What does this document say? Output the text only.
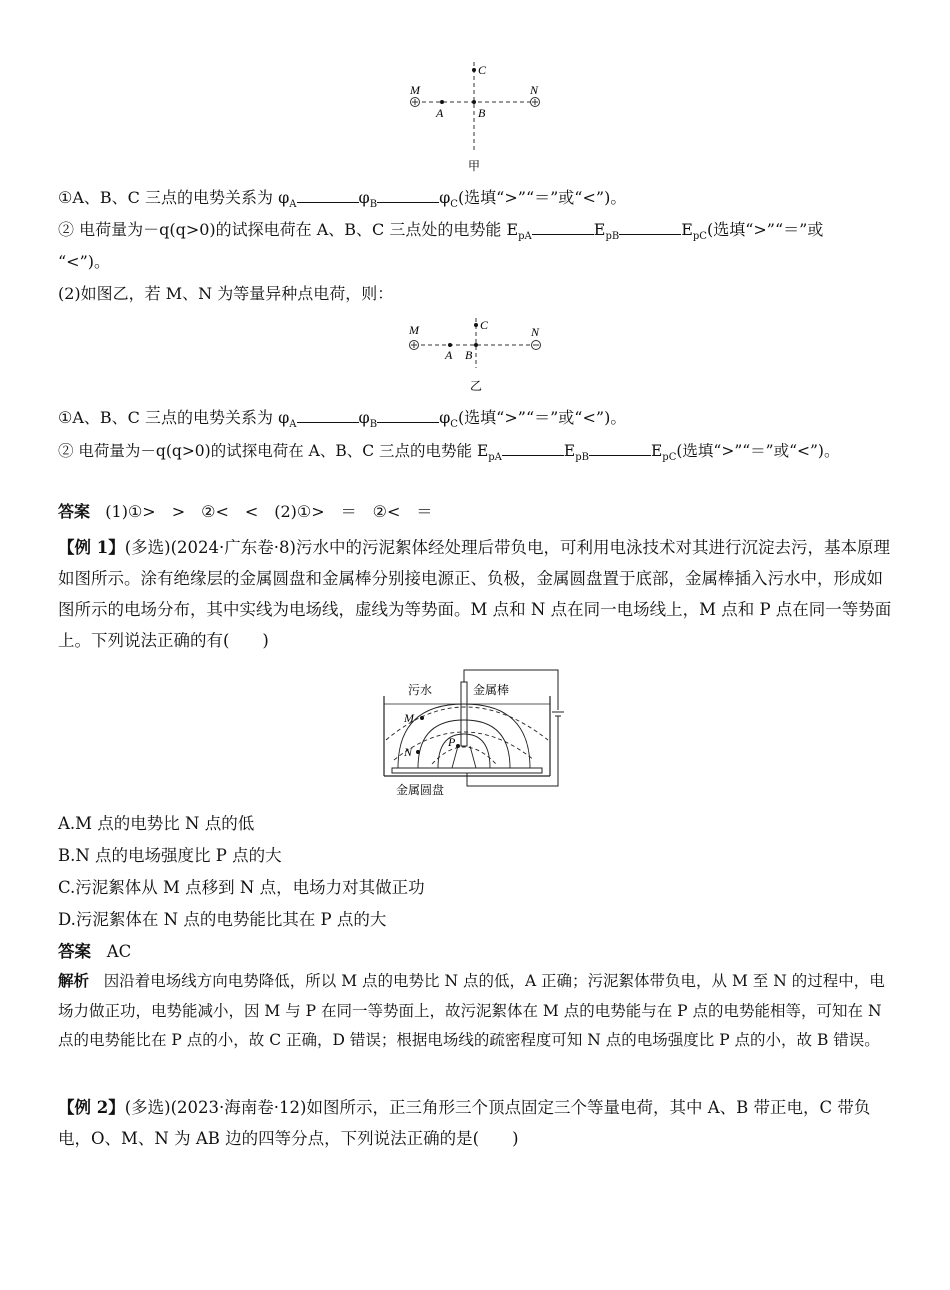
M	N
A	B
C
甲
①A、B、C 三点的电势关系为 $\varphi_A$	$\varphi_B$	$\varphi_C$(选填“>”“＝”或“<”)。
② 电荷量为－q(q>0)的试探电荷在 A、B、C 三点处的电势能 $E_{pA}$	$E_{pB}$	$E_{pC}$(选填“>”“＝”或
“<”)。
(2)如图乙，若 M、N 为等量异种点电荷，则：
M	N
A B
C
乙
①A、B、C 三点的电势关系为 $\varphi_A$	$\varphi_B$	$\varphi_C$(选填“>”“＝”或“<”)。
② 电荷量为－q(q>0)的试探电荷在 A、B、C 三点的电势能 $E_{pA}$	$E_{pB}$	$E_{pC}$(选填“>”“＝”或“<”)。
答案 (1)①>　>　②<　<　(2)①>　＝　②<　＝
【例 1】(多选)(2024·广东卷·8)污水中的污泥絮体经处理后带负电，可利用电泳技术对其进行沉淀去污，基本原理如图所示。涂有绝缘层的金属圆盘和金属棒分别接电源正、负极，金属圆盘置于底部，金属棒插入污水中，形成如图所示的电场分布，其中实线为电场线，虚线为等势面。M 点和 N 点在同一电场线上，M 点和 P 点在同一等势面上。下列说法正确的有(　　)
M
N
P
污水	金属棒
金属圆盘
A.M 点的电势比 N 点的低
B.N 点的电场强度比 P 点的大
C.污泥絮体从 M 点移到 N 点，电场力对其做正功
D.污泥絮体在 N 点的电势能比其在 P 点的大
答案 AC
解析 因沿着电场线方向电势降低，所以 M 点的电势比 N 点的低，A 正确；污泥絮体带负电，从 M 至 N 的过程中，电场力做正功，电势能减小，因 M 与 P 在同一等势面上，故污泥絮体在 M 点的电势能与在 P 点的电势能相等，可知在 N 点的电势能比在 P 点的小，故 C 正确，D 错误；根据电场线的疏密程度可知 N 点的电场强度比 P 点的小，故 B 错误。
【例 2】(多选)(2023·海南卷·12)如图所示，正三角形三个顶点固定三个等量电荷，其中 A、B 带正电，C 带负电，O、M、N 为 AB 边的四等分点，下列说法正确的是(　　)
